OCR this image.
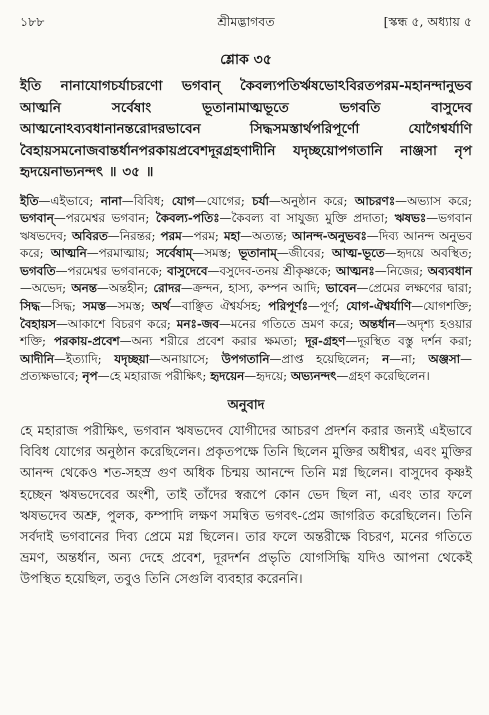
১৮৮	শ্রীমদ্ভাগবত	[স্কন্ধ ৫, অধ্যায় ৫
শ্লোক ৩৫
ইতি নানাযোগচর্যাচরণো ভগবান্ কৈবল্যপতির্ঋষভোঽবিরতপরম-মহানন্দানুভব আত্মনি সর্বেষাং ভূতানামাত্মভূতে ভগবতি বাসুদেব আত্মনোঽব্যবধানানন্তরোদরভাবেন সিদ্ধসমস্তার্থপরিপূর্ণো যোগৈশ্বর্যাণি বৈহায়সমনোজবান্তর্ধানপরকায়প্রবেশদূরগ্রহণাদীনি যদৃচ্ছয়োপগতানি নাঞ্জসা নৃপ হৃদয়েনাভ্যনন্দৎ ॥ ৩৫ ॥
ইতি—এইভাবে; নানা—বিবিধ; যোগ—যোগের; চর্যা—অনুষ্ঠান করে; আচরণঃ—অভ্যাস করে; ভগবান্—পরমেশ্বর ভগবান; কৈবল্য-পতিঃ—কৈবল্য বা সাযুজ্য মুক্তি প্রদাতা; ঋষভঃ—ভগবান ঋষভদেব; অবিরত—নিরন্তর; পরম—পরম; মহা—অত্যন্ত; আনন্দ-অনুভবঃ—দিব্য আনন্দ অনুভব করে; আত্মনি—পরমাত্মায়; সর্বেষাম্—সমস্ত; ভূতানাম্—জীবের; আত্ম-ভূতে—হৃদয়ে অবস্থিত; ভগবতি—পরমেশ্বর ভগবানকে; বাসুদেবে—বসুদেব-তনয় শ্রীকৃষ্ণকে; আত্মনঃ—নিজের; অব্যবধান—অভেদ; অনন্ত—অন্তহীন; রোদর—ক্রন্দন, হাস্য, কম্পন আদি; ভাবেন—প্রেমের লক্ষণের দ্বারা; সিদ্ধ—সিদ্ধ; সমস্ত—সমস্ত; অর্থ—বাঞ্ছিত ঐশ্বর্যসহ; পরিপূর্ণঃ—পূর্ণ; যোগ-ঐশ্বর্যাণি—যোগশক্তি; বৈহায়স—আকাশে বিচরণ করে; মনঃ-জব—মনের গতিতে ভ্রমণ করে; অন্তর্ধান—অদৃশ্য হওয়ার শক্তি; পরকায়-প্রবেশ—অন্য শরীরে প্রবেশ করার ক্ষমতা; দূর-গ্রহণ—দূরস্থিত বস্তু দর্শন করা; আদীনি—ইত্যাদি; যদৃচ্ছয়া—অনায়াসে; উপগতানি—প্রাপ্ত হয়েছিলেন; ন—না; অঞ্জসা—প্রত্যক্ষভাবে; নৃপ—হে মহারাজ পরীক্ষিৎ; হৃদয়েন—হৃদয়ে; অভ্যনন্দৎ—গ্রহণ করেছিলেন।
অনুবাদ
হে মহারাজ পরীক্ষিৎ, ভগবান ঋষভদেব যোগীদের আচরণ প্রদর্শন করার জন্যই এইভাবে বিবিধ যোগের অনুষ্ঠান করেছিলেন। প্রকৃতপক্ষে তিনি ছিলেন মুক্তির অধীশ্বর, এবং মুক্তির আনন্দ থেকেও শত-সহস্র গুণ অধিক চিন্ময় আনন্দে তিনি মগ্ন ছিলেন। বাসুদেব কৃষ্ণই হচ্ছেন ঋষভদেবের অংশী, তাই তাঁদের স্বরূপে কোন ভেদ ছিল না, এবং তার ফলে ঋষভদেব অশ্রু, পুলক, কম্পাদি লক্ষণ সমন্বিত ভগবৎ-প্রেম জাগরিত করেছিলেন। তিনি সর্বদাই ভগবানের দিব্য প্রেমে মগ্ন ছিলেন। তার ফলে অন্তরীক্ষে বিচরণ, মনের গতিতে ভ্রমণ, অন্তর্ধান, অন্য দেহে প্রবেশ, দূরদর্শন প্রভৃতি যোগসিদ্ধি যদিও আপনা থেকেই উপস্থিত হয়েছিল, তবুও তিনি সেগুলি ব্যবহার করেননি।
